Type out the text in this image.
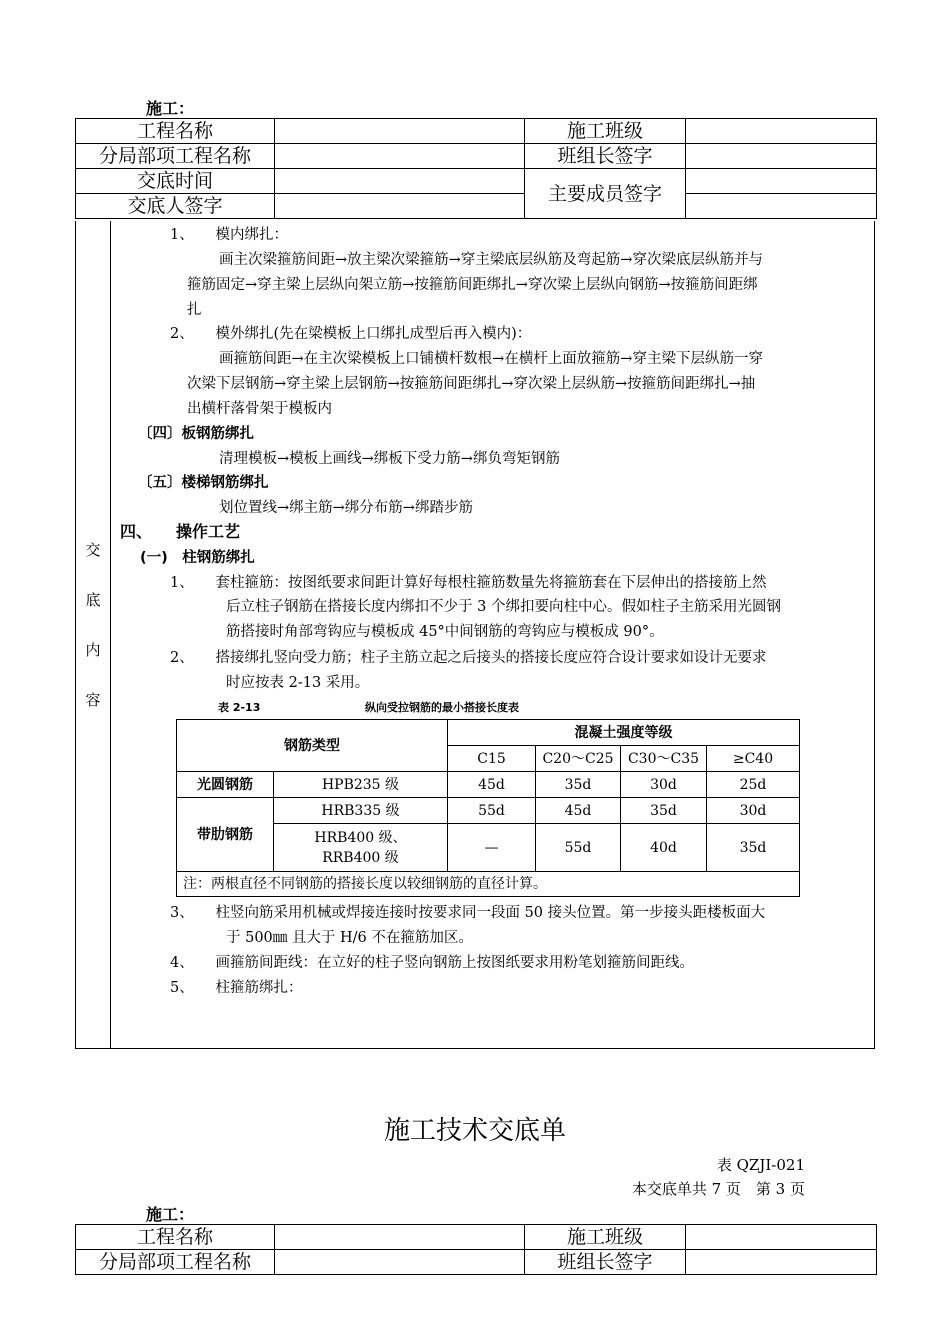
施工：
工程名称		施工班级	
分局部项工程名称		班组长签字	
交底时间		主要成员签字	
交底人签字			
交
底
内
容
1、　　模内绑扎：
画主次梁箍筋间距→放主梁次梁箍筋→穿主梁底层纵筋及弯起筋→穿次梁底层纵筋并与
箍筋固定→穿主梁上层纵向架立筋→按箍筋间距绑扎→穿次梁上层纵向钢筋→按箍筋间距绑
扎
2、　　模外绑扎(先在梁模板上口绑扎成型后再入模内)：
画箍筋间距→在主次梁模板上口铺横杆数根→在横杆上面放箍筋→穿主梁下层纵筋一穿
次梁下层钢筋→穿主梁上层钢筋→按箍筋间距绑扎→穿次梁上层纵筋→按箍筋间距绑扎→抽
出横杆落骨架于模板内
〔四〕板钢筋绑扎
清理模板→模板上画线→绑板下受力筋→绑负弯矩钢筋
〔五〕楼梯钢筋绑扎
划位置线→绑主筋→绑分布筋→绑踏步筋
四、　　操作工艺
(一)　柱钢筋绑扎
1、　　套柱箍筋：按图纸要求间距计算好每根柱箍筋数量先将箍筋套在下层伸出的搭接筋上然
后立柱子钢筋在搭接长度内绑扣不少于 3 个绑扣要向柱中心。假如柱子主筋采用光圆钢
筋搭接时角部弯钩应与模板成 45°中间钢筋的弯钩应与模板成 90°。
2、　　搭接绑扎竖向受力筋；柱子主筋立起之后接头的搭接长度应符合设计要求如设计无要求
时应按表 2-13 采用。
表 2-13	纵向受拉钢筋的最小搭接长度表
钢筋类型		混凝土强度等级			
		C15	C20～C25	C30～C35	≥C40
光圆钢筋	HPB235 级	45d	35d	30d	25d
带肋钢筋	HRB335 级	55d	45d	35d	30d
	HRB400 级、RRB400 级	—	55d	40d	35d
注：两根直径不同钢筋的搭接长度以较细钢筋的直径计算。					
3、　　柱竖向筋采用机械或焊接连接时按要求同一段面 50 接头位置。第一步接头距楼板面大
于 500㎜ 且大于 H/6 不在箍筋加区。
4、　　画箍筋间距线：在立好的柱子竖向钢筋上按图纸要求用粉笔划箍筋间距线。
5、　　柱箍筋绑扎：
施工技术交底单
表 QZJI-021
本交底单共 7 页　第 3 页
施工：
工程名称		施工班级	
分局部项工程名称		班组长签字	
